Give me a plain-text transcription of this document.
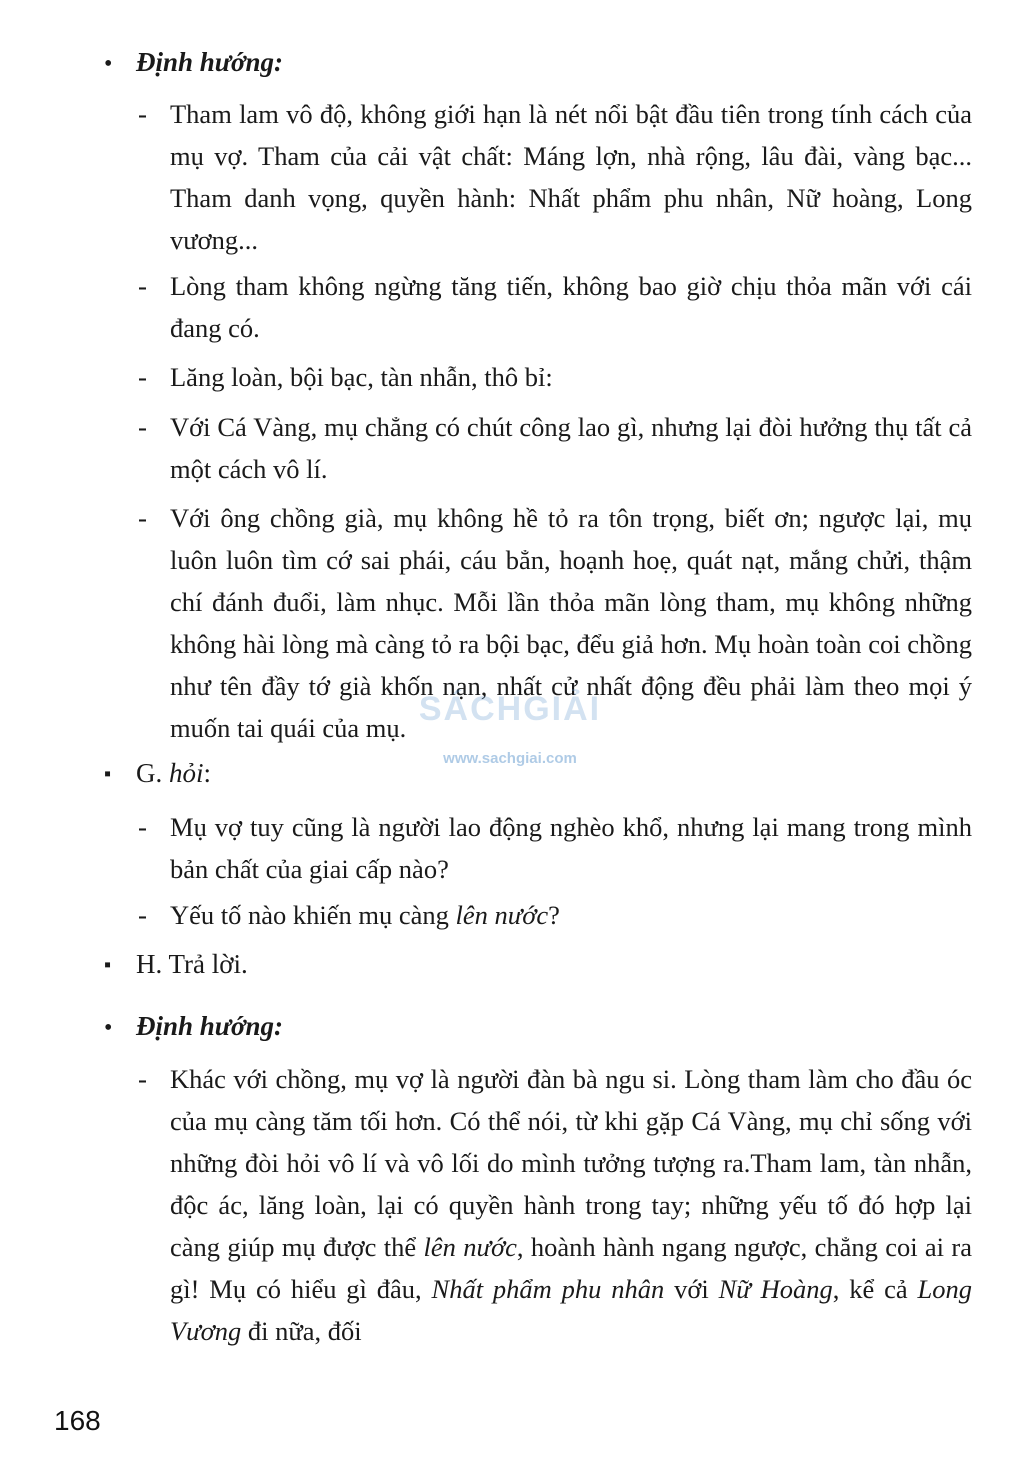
• Định hướng:
- Tham lam vô độ, không giới hạn là nét nổi bật đầu tiên trong tính cách của mụ vợ. Tham của cải vật chất: Máng lợn, nhà rộng, lâu đài, vàng bạc... Tham danh vọng, quyền hành: Nhất phẩm phu nhân, Nữ hoàng, Long vương...

- Lòng tham không ngừng tăng tiến, không bao giờ chịu thỏa mãn với cái đang có.

- Lăng loàn, bội bạc, tàn nhẫn, thô bỉ:

- Với Cá Vàng, mụ chẳng có chút công lao gì, nhưng lại đòi hưởng thụ tất cả một cách vô lí.

- Với ông chồng già, mụ không hề tỏ ra tôn trọng, biết ơn; ngược lại, mụ luôn luôn tìm cớ sai phái, cáu bẳn, hoạnh hoẹ, quát nạt, mắng chửi, thậm chí đánh đuổi, làm nhục. Mỗi lần thỏa mãn lòng tham, mụ không những không hài lòng mà càng tỏ ra bội bạc, đểu giả hơn. Mụ hoàn toàn coi chồng như tên đầy tớ già khốn nạn, nhất cử nhất động đều phải làm theo mọi ý muốn tai quái của mụ.

▪ G. hỏi:
- Mụ vợ tuy cũng là người lao động nghèo khổ, nhưng lại mang trong mình bản chất của giai cấp nào?

- Yếu tố nào khiến mụ càng lên nước?

▪ H. Trả lời.
• Định hướng:
- Khác với chồng, mụ vợ là người đàn bà ngu si. Lòng tham làm cho đầu óc của mụ càng tăm tối hơn. Có thể nói, từ khi gặp Cá Vàng, mụ chỉ sống với những đòi hỏi vô lí và vô lối do mình tưởng tượng ra.Tham lam, tàn nhẫn, độc ác, lăng loàn, lại có quyền hành trong tay; những yếu tố đó hợp lại càng giúp mụ được thể lên nước, hoành hành ngang ngược, chẳng coi ai ra gì! Mụ có hiểu gì đâu, Nhất phẩm phu nhân với Nữ Hoàng, kể cả Long Vương đi nữa, đối

SÁCHGIẢI
www.sachgiai.com
168
